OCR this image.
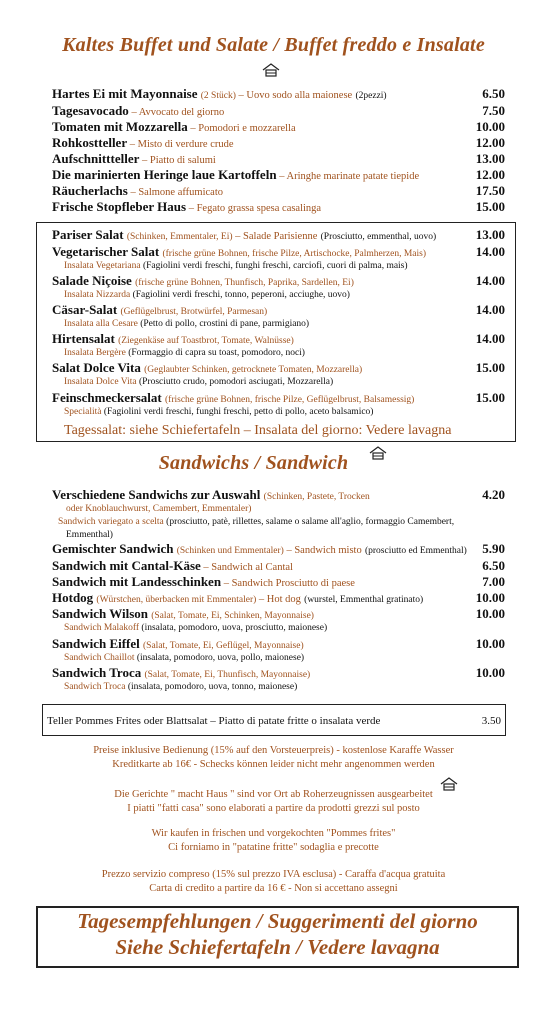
Kaltes Buffet und Salate / Buffet freddo e Insalate
Hartes Ei mit Mayonnaise (2 Stück) – Uovo sodo alla maionese (2pezzi)	6.50
Tagesavocado – Avvocato del giorno	7.50
Tomaten mit Mozzarella – Pomodori e mozzarella	10.00
Rohkostteller – Misto di verdure crude	12.00
Aufschnittteller – Piatto di salumi	13.00
Die marinierten Heringe laue Kartoffeln – Aringhe marinate patate tiepide	12.00
Räucherlachs – Salmone affumicato	17.50
Frische Stopfleber Haus – Fegato grassa spesa casalinga	15.00
Pariser Salat (Schinken, Emmentaler, Ei) – Salade Parisienne (Prosciutto, emmenthal, uovo)	13.00
Vegetarischer Salat (frische grüne Bohnen, frische Pilze, Artischocke, Palmherzen, Mais)	14.00
Insalata Vegetariana (Fagiolini verdi freschi, funghi freschi, carciofi, cuori di palma, mais)
Salade Niçoise (frische grüne Bohnen, Thunfisch, Paprika, Sardellen, Ei)	14.00
Insalata Nizzarda (Fagiolini verdi freschi, tonno, peperoni, acciughe, uovo)
Cäsar-Salat (Geflügelbrust, Brotwürfel, Parmesan)	14.00
Insalata alla Cesare (Petto di pollo, crostini di pane, parmigiano)
Hirtensalat (Ziegenkäse auf Toastbrot, Tomate, Walnüsse)	14.00
Insalata Bergère (Formaggio di capra su toast, pomodoro, noci)
Salat Dolce Vita (Geglaubter Schinken, getrocknete Tomaten, Mozzarella)	15.00
Insalata Dolce Vita (Prosciutto crudo, pomodori asciugati, Mozzarella)
Feinschmeckersalat (frische grüne Bohnen, frische Pilze, Geflügelbrust, Balsamessig)	15.00
Specialità (Fagiolini verdi freschi, funghi freschi, petto di pollo, aceto balsamico)
Tagessalat: siehe Schiefertafeln – Insalata del giorno: Vedere lavagna
Sandwichs / Sandwich
Verschiedene Sandwichs zur Auswahl (Schinken, Pastete, Trocken	4.20
oder Knoblauchwurst, Camembert, Emmentaler)
Sandwich variegato a scelta (prosciutto, patè, rillettes, salame o salame all'aglio, formaggio Camembert,
Emmenthal)
Gemischter Sandwich (Schinken und Emmentaler) – Sandwich misto (prosciutto ed Emmenthal) 5.90
Sandwich mit Cantal-Käse – Sandwich al Cantal	6.50
Sandwich mit Landesschinken – Sandwich Prosciutto di paese	7.00
Hotdog (Würstchen, überbacken mit Emmentaler) – Hot dog (wurstel, Emmenthal gratinato)	10.00
Sandwich Wilson (Salat, Tomate, Ei, Schinken, Mayonnaise)	10.00
Sandwich Malakoff (insalata, pomodoro, uova, prosciutto, maionese)
Sandwich Eiffel (Salat, Tomate, Ei, Geflügel, Mayonnaise)	10.00
Sandwich Chaillot (insalata, pomodoro, uova, pollo, maionese)
Sandwich Troca (Salat, Tomate, Ei, Thunfisch, Mayonnaise)	10.00
Sandwich Troca (insalata, pomodoro, uova, tonno, maionese)
Teller Pommes Frites oder Blattsalat – Piatto di patate fritte o insalata verde	3.50
Preise inklusive Bedienung (15% auf den Vorsteuerpreis) - kostenlose Karaffe Wasser
Kreditkarte ab 16€ - Schecks können leider nicht mehr angenommen werden
Die Gerichte " macht Haus " sind vor Ort ab Roherzeugnissen ausgearbeitet
I piatti "fatti casa" sono elaborati a partire da prodotti grezzi sul posto
Wir kaufen in frischen und vorgekochten "Pommes frites"
Ci forniamo in "patatine fritte" sodaglia e precotte
Prezzo servizio compreso (15% sul prezzo IVA esclusa) - Caraffa d'acqua gratuita
Carta di credito a partire da 16 € - Non si accettano assegni
Tagesempfehlungen / Suggerimenti del giorno
Siehe Schiefertafeln / Vedere lavagna
